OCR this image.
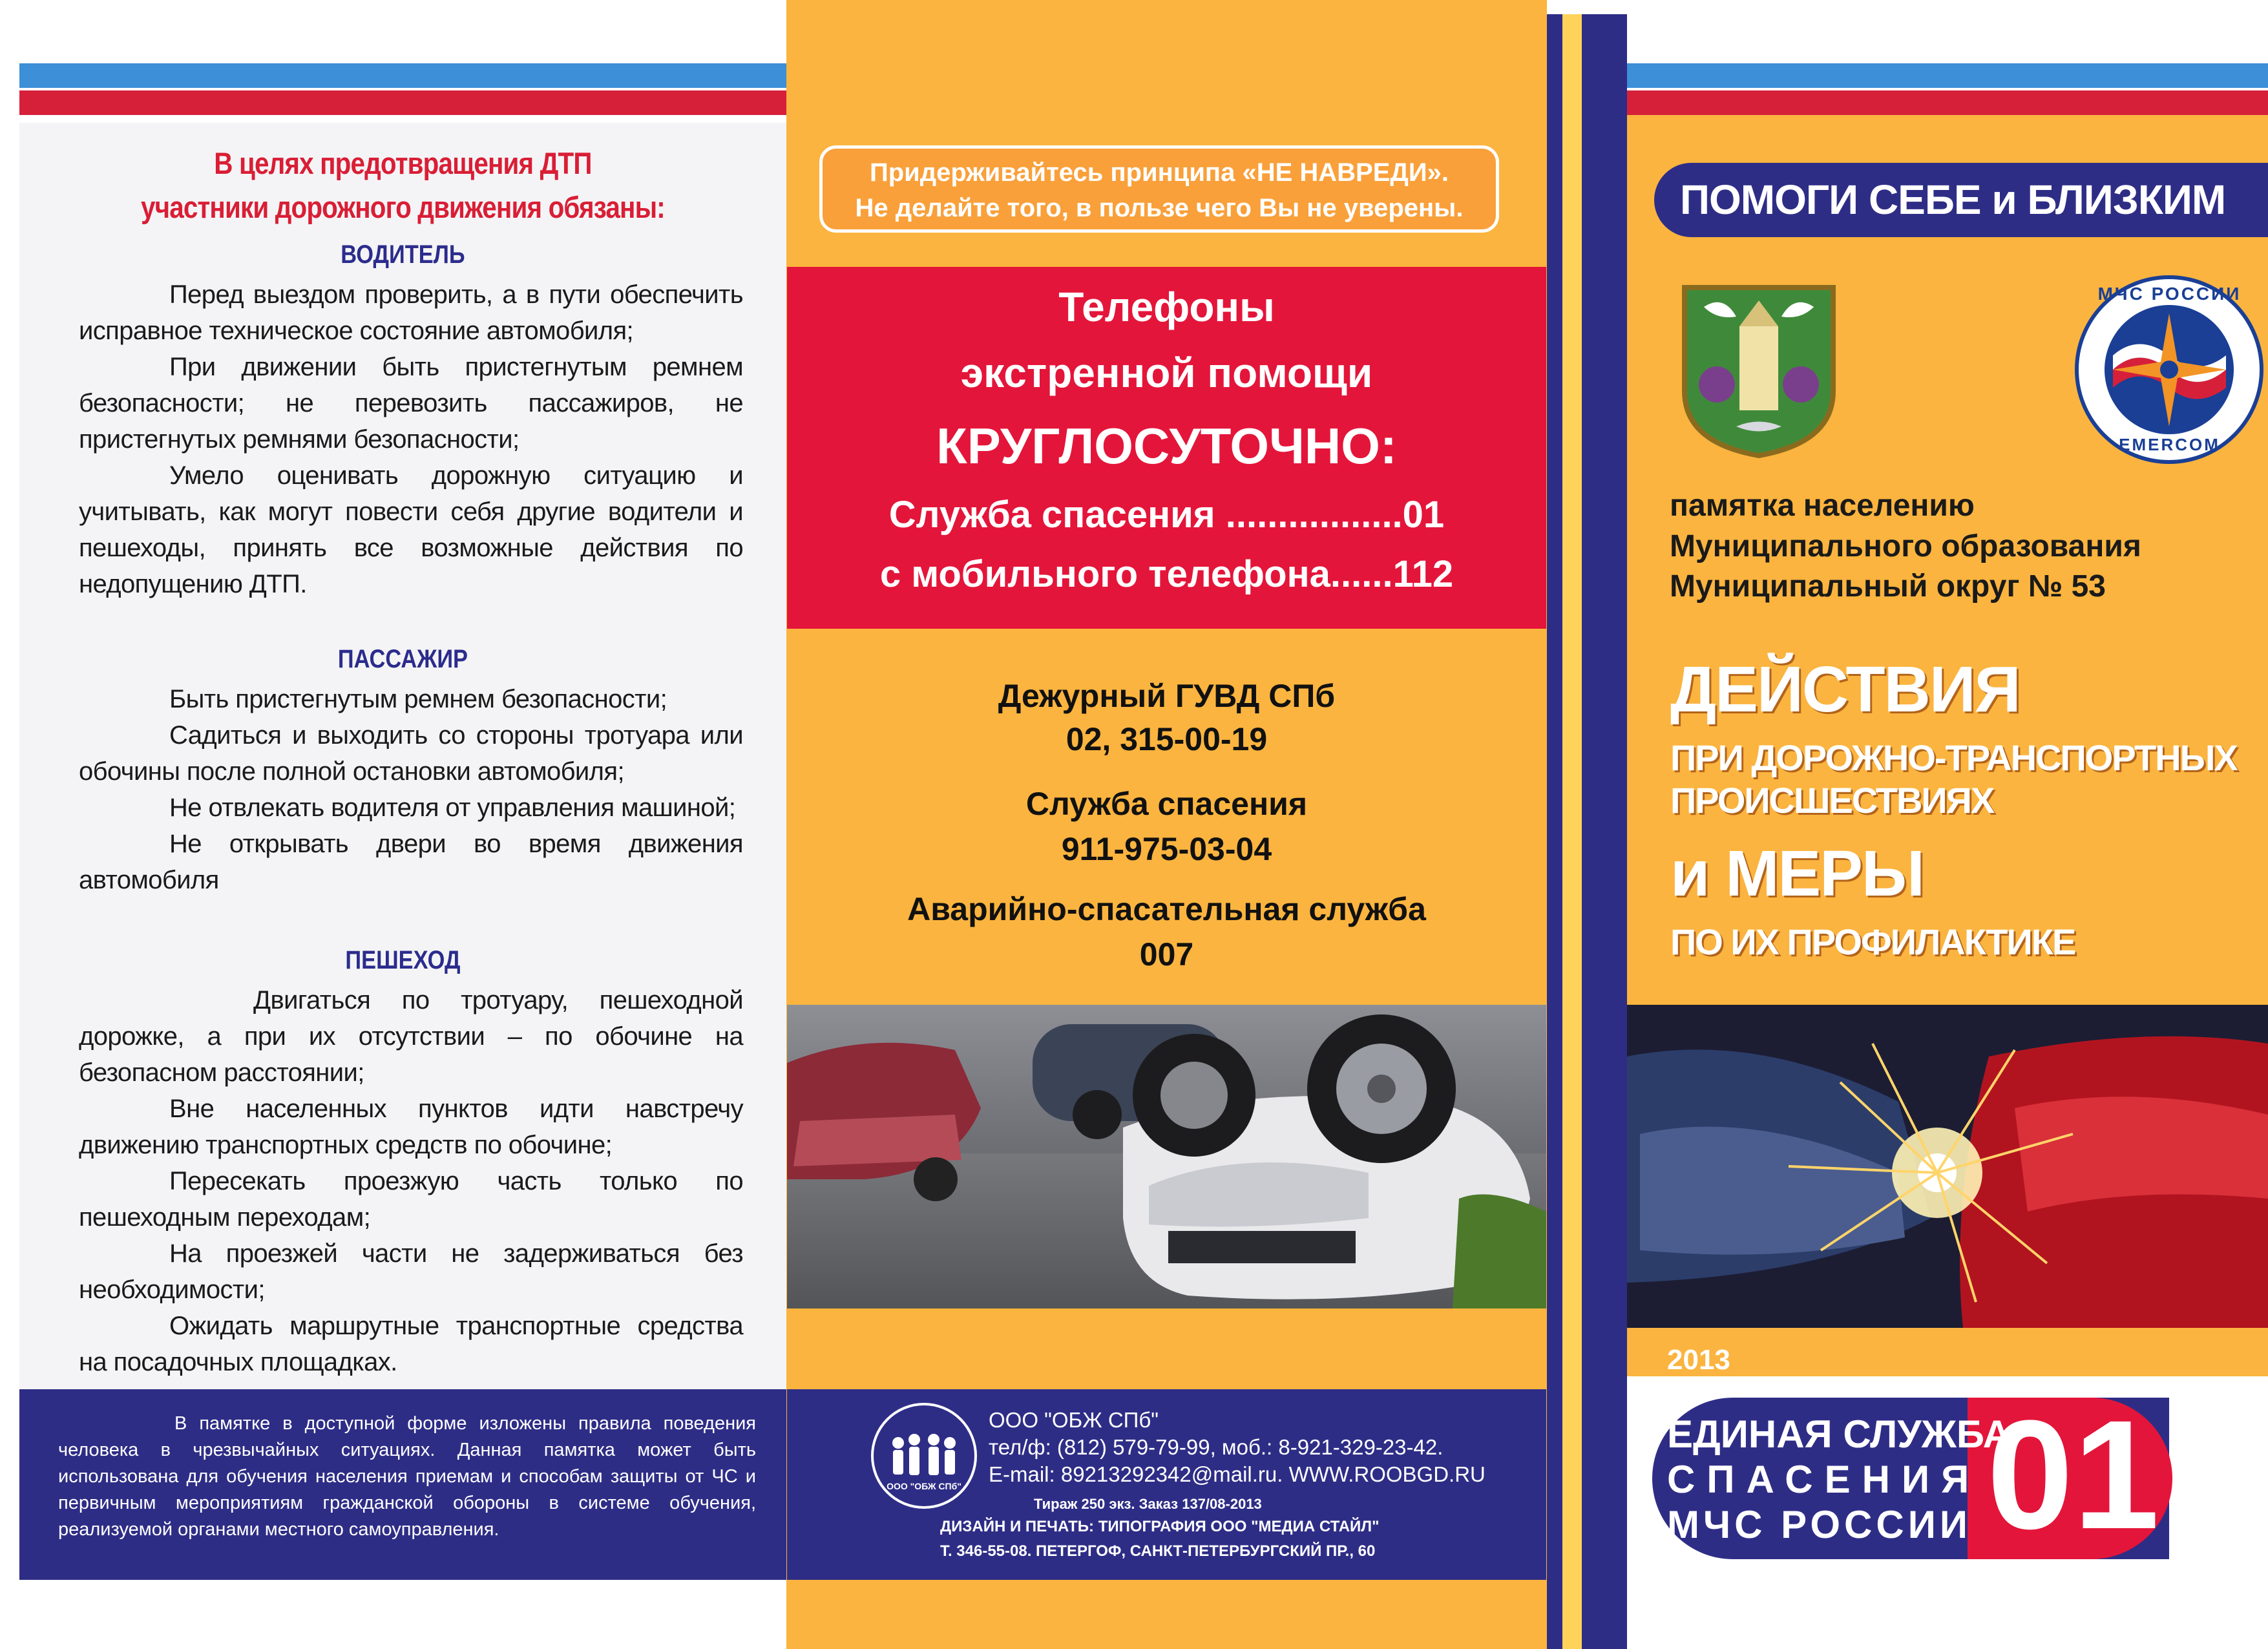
В целях предотвращения ДТП
участники дорожного движения обязаны:
ВОДИТЕЛЬ

Перед выездом проверить, а в пути обеспечить исправное техническое состояние автомобиля;

При движении быть пристегнутым ремнем безопасности; не перевозить пассажиров, не пристегнутых ремнями безопасности;

Умело оценивать дорожную ситуацию и учитывать, как могут повести себя другие водители и пешеходы, принять все возможные действия по недопущению ДТП.

ПАССАЖИР

Быть пристегнутым ремнем безопасности;

Садиться и выходить со стороны тротуара или обочины после полной остановки автомобиля;

Не отвлекать водителя от управления машиной;

Не открывать двери во время движения автомобиля

ПЕШЕХОД

Двигаться по тротуару, пешеходной дорожке, а при их отсутствии – по обочине на безопасном расстоянии;

Вне населенных пунктов идти навстречу движению транспортных средств по обочине;

Пересекать проезжую часть только по пешеходным переходам;

На проезжей части не задерживаться без необходимости;

Ожидать маршрутные транспортные средства на посадочных площадках.

Придерживайтесь принципа «НЕ НАВРЕДИ».
Не делайте того, в пользе чего Вы не уверены.
Телефоны
экстренной помощи
КРУГЛОСУТОЧНО:
Служба спасения .................01
с мобильного телефона......112
Дежурный ГУВД СПб
02, 315-00-19
Служба спасения
911-975-03-04
Аварийно-спасательная служба
007
ПОМОГИ СЕБЕ и БЛИЗКИМ
МЧС РОССИИ
EMERCOM
памятка населению
Муниципального образования
Муниципальный округ № 53
ДЕЙСТВИЯ
ПРИ ДОРОЖНО-ТРАНСПОРТНЫХ
ПРОИСШЕСТВИЯХ
и МЕРЫ
ПО ИХ ПРОФИЛАКТИКЕ
2013
ЕДИНАЯ СЛУЖБА
СПАСЕНИЯ
МЧС РОССИИ 01
В памятке в доступной форме изложены правила поведения человека в чрезвычайных ситуациях. Данная памятка может быть использована для обучения населения приемам и способам защиты от ЧС и первичным мероприятиям гражданской обороны в системе обучения, реализуемой органами местного самоуправления.
ООО "ОБЖ СПб"
ООО "ОБЖ СПб"
тел/ф: (812) 579-79-99, моб.: 8-921-329-23-42.
E-mail: 89213292342@mail.ru. WWW.ROOBGD.RU
Тираж 250 экз. Заказ 137/08-2013
ДИЗАЙН И ПЕЧАТЬ: ТИПОГРАФИЯ ООО "МЕДИА СТАЙЛ"
Т. 346-55-08. ПЕТЕРГОФ, САНКТ-ПЕТЕРБУРГСКИЙ ПР., 60
